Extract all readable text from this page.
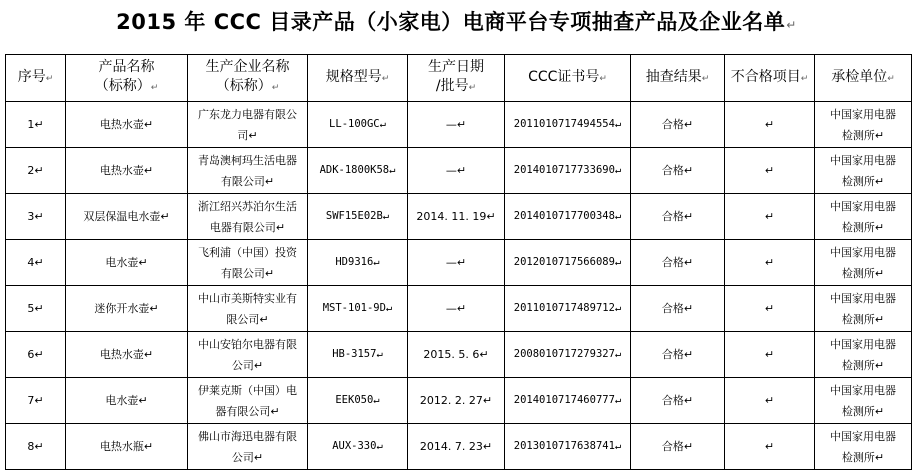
2015 年 CCC 目录产品（小家电）电商平台专项抽查产品及企业名单↵
序号↵	产品名称
（标称）↵	生产企业名称
（标称）↵	规格型号↵	生产日期
/批号↵	CCC证书号↵	抽查结果↵	不合格项目↵	承检单位↵
1↵	电热水壶↵	广东龙力电器有限公
司↵	LL-100GC↵	—↵	2011010717494554↵	合格↵	↵	中国家用电器
检测所↵
2↵	电热水壶↵	青岛澳柯玛生活电器
有限公司↵	ADK-1800K58↵	—↵	2014010717733690↵	合格↵	↵	中国家用电器
检测所↵
3↵	双层保温电水壶↵	浙江绍兴苏泊尔生活
电器有限公司↵	SWF15E02B↵	2014. 11. 19↵	2014010717700348↵	合格↵	↵	中国家用电器
检测所↵
4↵	电水壶↵	飞利浦（中国）投资
有限公司↵	HD9316↵	—↵	2012010717566089↵	合格↵	↵	中国家用电器
检测所↵
5↵	迷你开水壶↵	中山市美斯特实业有
限公司↵	MST-101-9D↵	—↵	2011010717489712↵	合格↵	↵	中国家用电器
检测所↵
6↵	电热水壶↵	中山安铂尔电器有限
公司↵	HB-3157↵	2015. 5. 6↵	2008010717279327↵	合格↵	↵	中国家用电器
检测所↵
7↵	电水壶↵	伊莱克斯（中国）电
器有限公司↵	EEK050↵	2012. 2. 27↵	2014010717460777↵	合格↵	↵	中国家用电器
检测所↵
8↵	电热水瓶↵	佛山市海迅电器有限
公司↵	AUX-330↵	2014. 7. 23↵	2013010717638741↵	合格↵	↵	中国家用电器
检测所↵
